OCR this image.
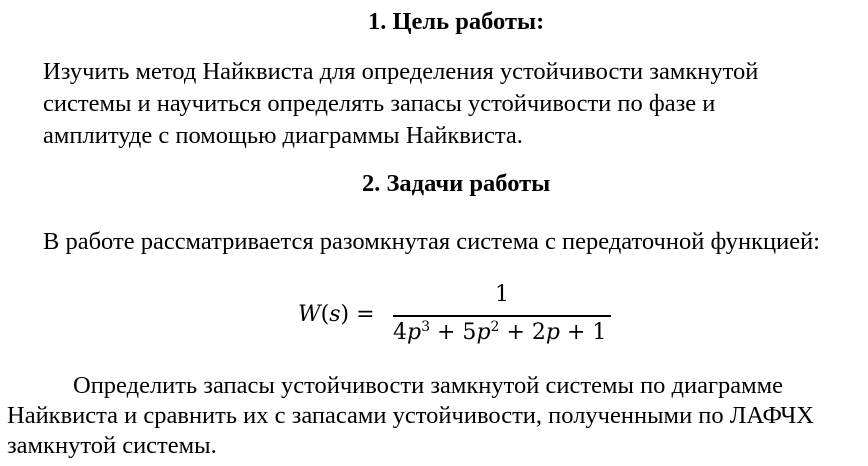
1. Цель работы:
Изучить метод Найквиста для определения устойчивости замкнутой
системы и научиться определять запасы устойчивости по фазе и
амплитуде с помощью диаграммы Найквиста.
2. Задачи работы
В работе рассматривается разомкнутая система с передаточной функцией:
W(s) =
1
$4p^3 + 5p^2 + 2p + 1$
Определить запасы устойчивости замкнутой системы по диаграмме
Найквиста и сравнить их с запасами устойчивости, полученными по ЛАФЧХ
замкнутой системы.
